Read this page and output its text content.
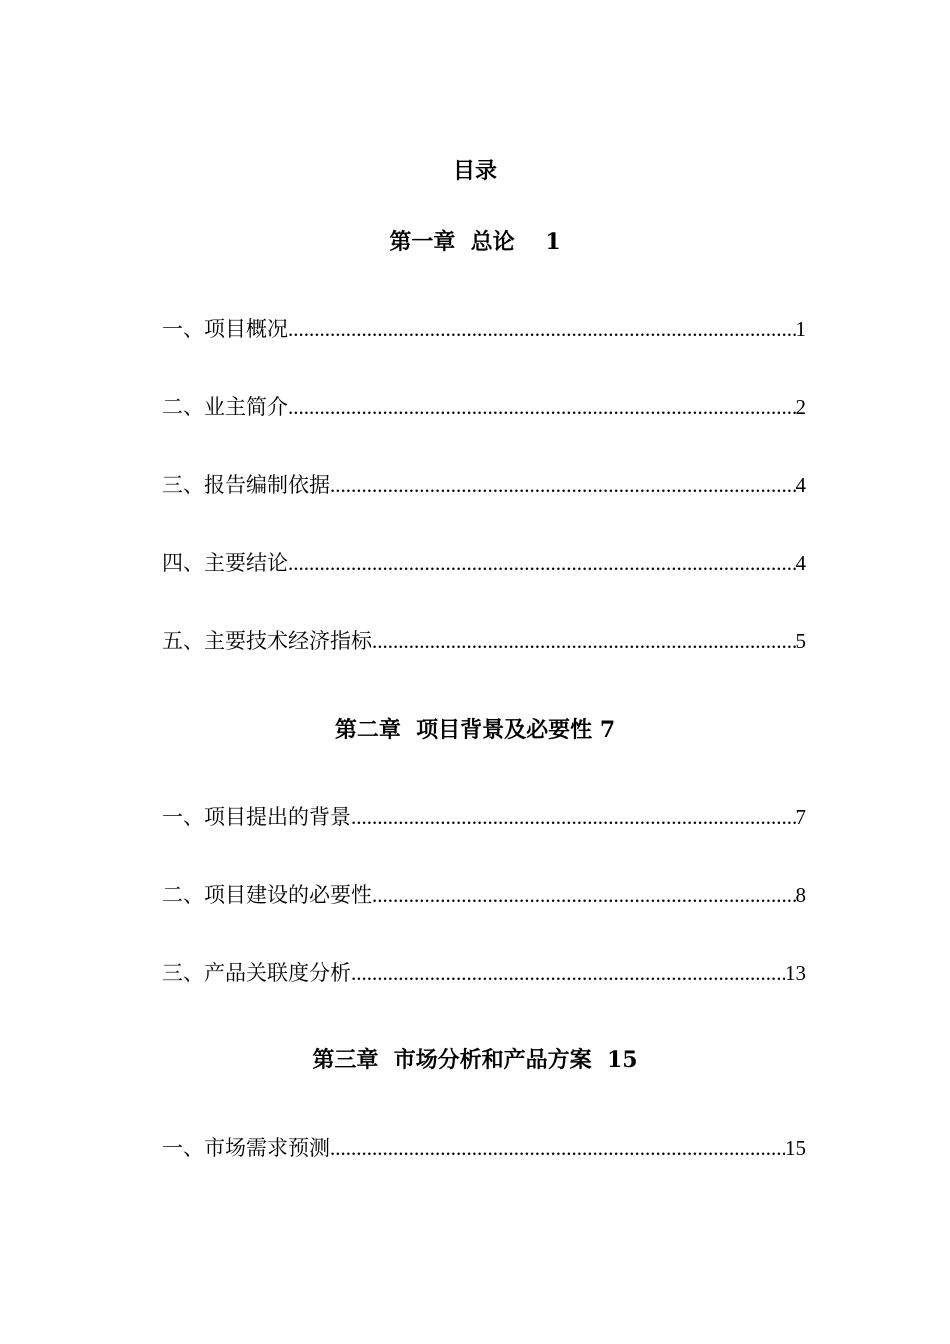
目录
第一章  总论    1
一、项目概况 .....	1
二、业主简介 .....	2
三、报告编制依据 .....	4
四、主要结论 .....	4
五、主要技术经济指标 .....	5
第二章  项目背景及必要性 7
一、项目提出的背景 .....	7
二、项目建设的必要性 .....	8
三、产品关联度分析 .....	13
第三章  市场分析和产品方案  15
一、市场需求预测 .....	15
